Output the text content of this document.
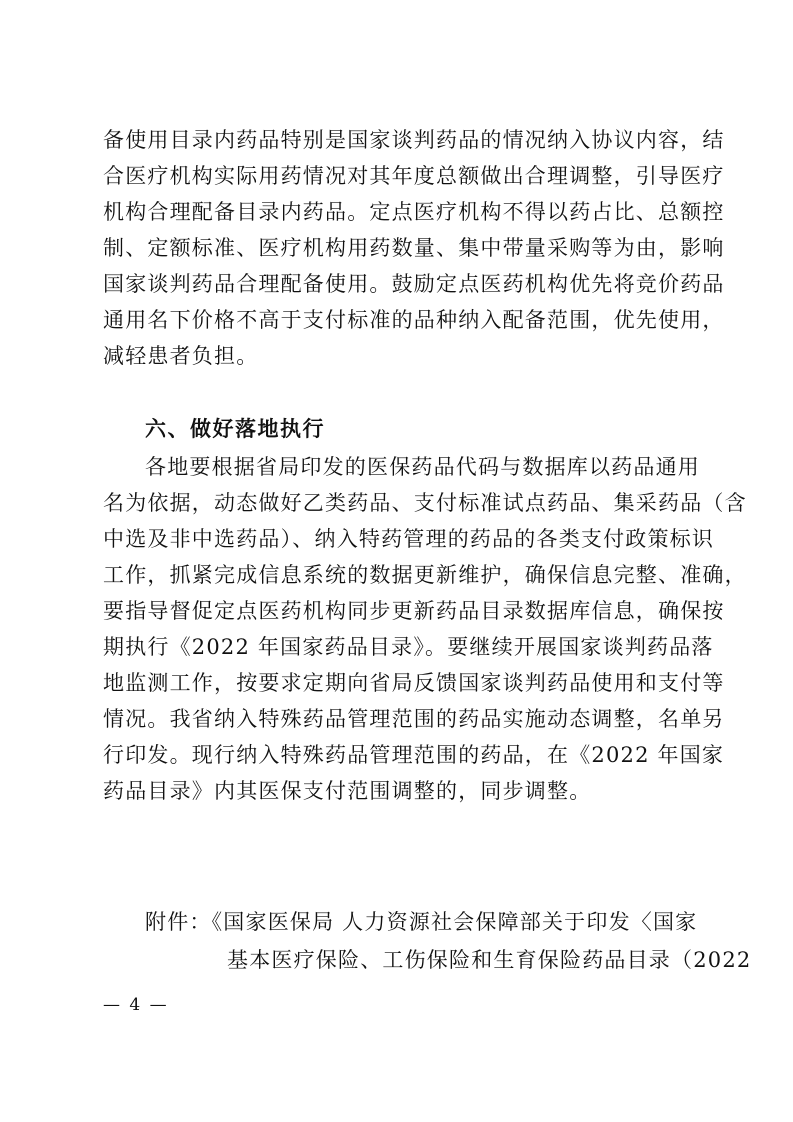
备使用目录内药品特别是国家谈判药品的情况纳入协议内容，结
合医疗机构实际用药情况对其年度总额做出合理调整，引导医疗
机构合理配备目录内药品。定点医疗机构不得以药占比、总额控
制、定额标准、医疗机构用药数量、集中带量采购等为由，影响
国家谈判药品合理配备使用。鼓励定点医药机构优先将竞价药品
通用名下价格不高于支付标准的品种纳入配备范围，优先使用，
减轻患者负担。
六、做好落地执行
各地要根据省局印发的医保药品代码与数据库以药品通用
名为依据，动态做好乙类药品、支付标准试点药品、集采药品（含
中选及非中选药品）、纳入特药管理的药品的各类支付政策标识
工作，抓紧完成信息系统的数据更新维护，确保信息完整、准确，
要指导督促定点医药机构同步更新药品目录数据库信息，确保按
期执行《2022 年国家药品目录》。要继续开展国家谈判药品落
地监测工作，按要求定期向省局反馈国家谈判药品使用和支付等
情况。我省纳入特殊药品管理范围的药品实施动态调整，名单另
行印发。现行纳入特殊药品管理范围的药品，在《2022 年国家
药品目录》内其医保支付范围调整的，同步调整。
附件：《国家医保局 人力资源社会保障部关于印发〈国家
基本医疗保险、工伤保险和生育保险药品目录（2022
— 4 —
